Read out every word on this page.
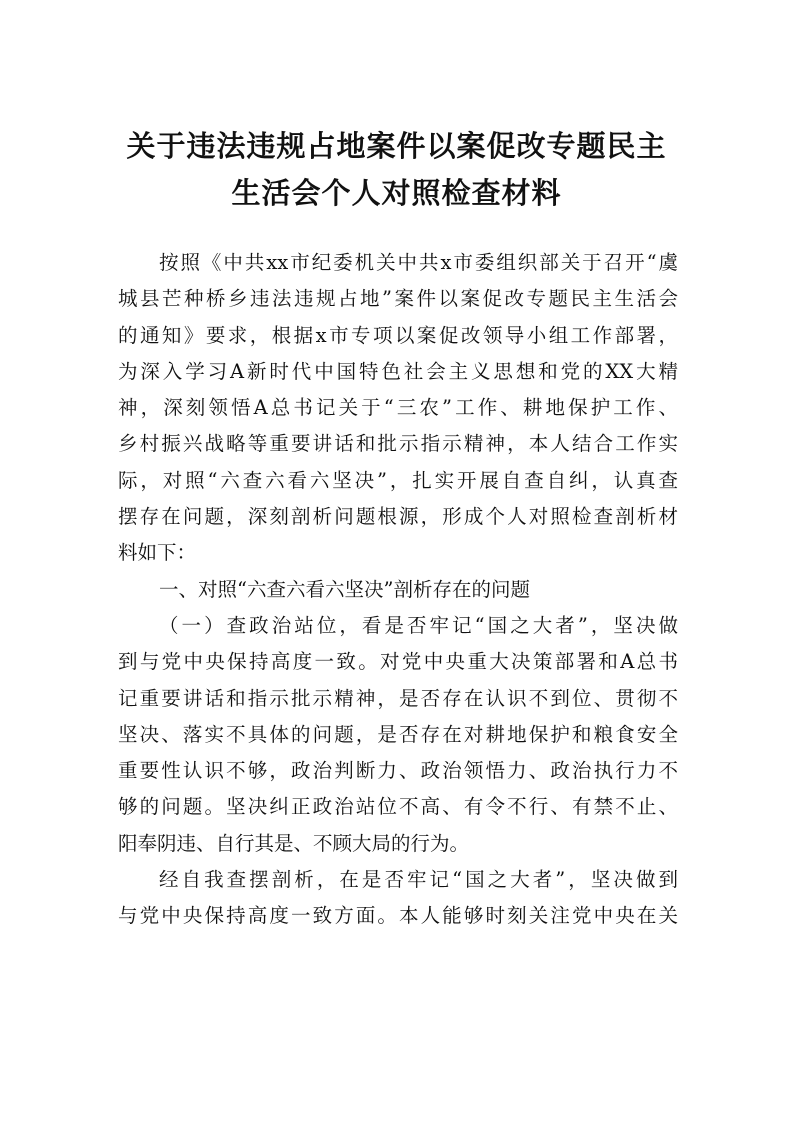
关于违法违规占地案件以案促改专题民主
生活会个人对照检查材料
按照《中共xx市纪委机关中共x市委组织部关于召开“虞
城县芒种桥乡违法违规占地”案件以案促改专题民主生活会
的通知》要求，根据x市专项以案促改领导小组工作部署，
为深入学习A新时代中国特色社会主义思想和党的XX大精
神，深刻领悟A总书记关于“三农”工作、耕地保护工作、
乡村振兴战略等重要讲话和批示指示精神，本人结合工作实
际，对照“六查六看六坚决”，扎实开展自查自纠，认真查
摆存在问题，深刻剖析问题根源，形成个人对照检查剖析材
料如下：
一、对照“六查六看六坚决”剖析存在的问题
（一）查政治站位，看是否牢记“国之大者”，坚决做
到与党中央保持高度一致。对党中央重大决策部署和A总书
记重要讲话和指示批示精神，是否存在认识不到位、贯彻不
坚决、落实不具体的问题，是否存在对耕地保护和粮食安全
重要性认识不够，政治判断力、政治领悟力、政治执行力不
够的问题。坚决纠正政治站位不高、有令不行、有禁不止、
阳奉阴违、自行其是、不顾大局的行为。
经自我查摆剖析，在是否牢记“国之大者”，坚决做到
与党中央保持高度一致方面。本人能够时刻关注党中央在关
